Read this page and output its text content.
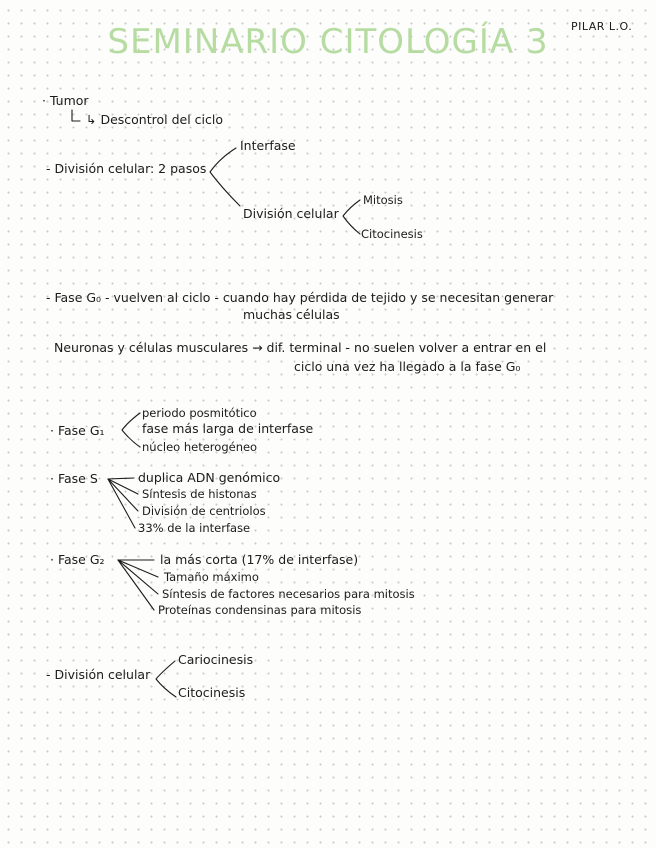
SEMINARIO CITOLOGÍA 3	PILAR L.O.
· Tumor
↳ Descontrol del ciclo
- División celular: 2 pasos
Interfase
División celular
Mitosis
Citocinesis
- Fase G₀ - vuelven al ciclo - cuando hay pérdida de tejido y se necesitan generar
muchas células
Neuronas y células musculares → dif. terminal - no suelen volver a entrar en el
ciclo una vez ha llegado a la fase G₀
· Fase G₁
periodo posmitótico
fase más larga de interfase
núcleo heterogéneo
· Fase S	duplica ADN genómico
Síntesis de histonas
División de centriolos
33% de la interfase
· Fase G₂	la más corta (17% de interfase)
Tamaño máximo
Síntesis de factores necesarios para mitosis
Proteínas condensinas para mitosis
- División celular
Cariocinesis
Citocinesis
